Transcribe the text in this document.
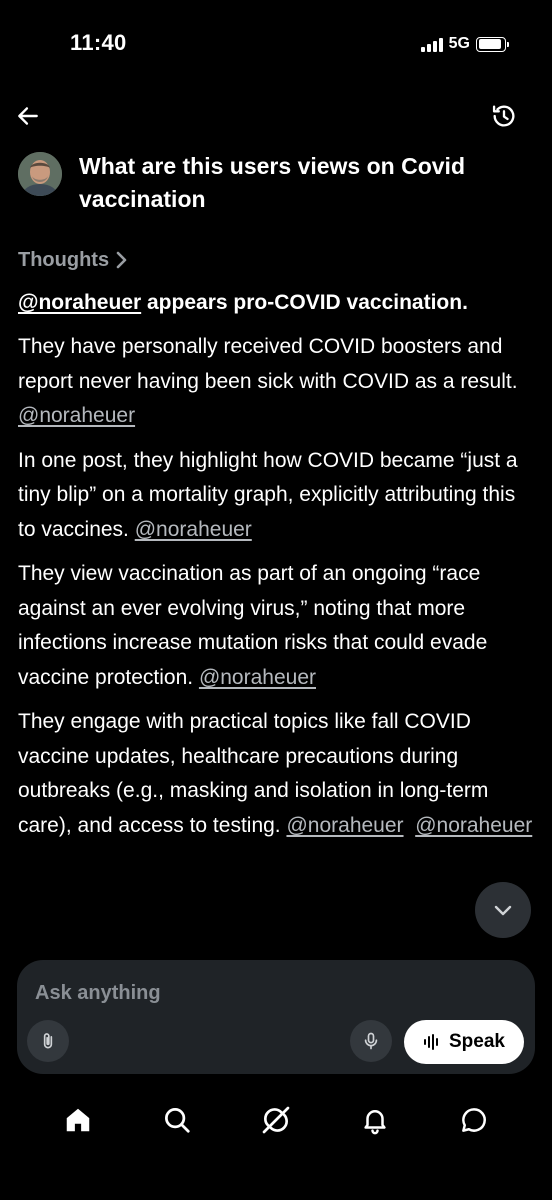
11:40	5G
What are this users views on Covid vaccination
Thoughts
@noraheuer appears pro-COVID vaccination.
They have personally received COVID boosters and report never having been sick with COVID as a result. @noraheuer
In one post, they highlight how COVID became “just a tiny blip” on a mortality graph, explicitly attributing this to vaccines. @noraheuer
They view vaccination as part of an ongoing “race against an ever evolving virus,” noting that more infections increase mutation risks that could evade vaccine protection. @noraheuer
They engage with practical topics like fall COVID vaccine updates, healthcare precautions during outbreaks (e.g., masking and isolation in long-term care), and access to testing. @noraheuer @noraheuer
Ask anything
Speak
